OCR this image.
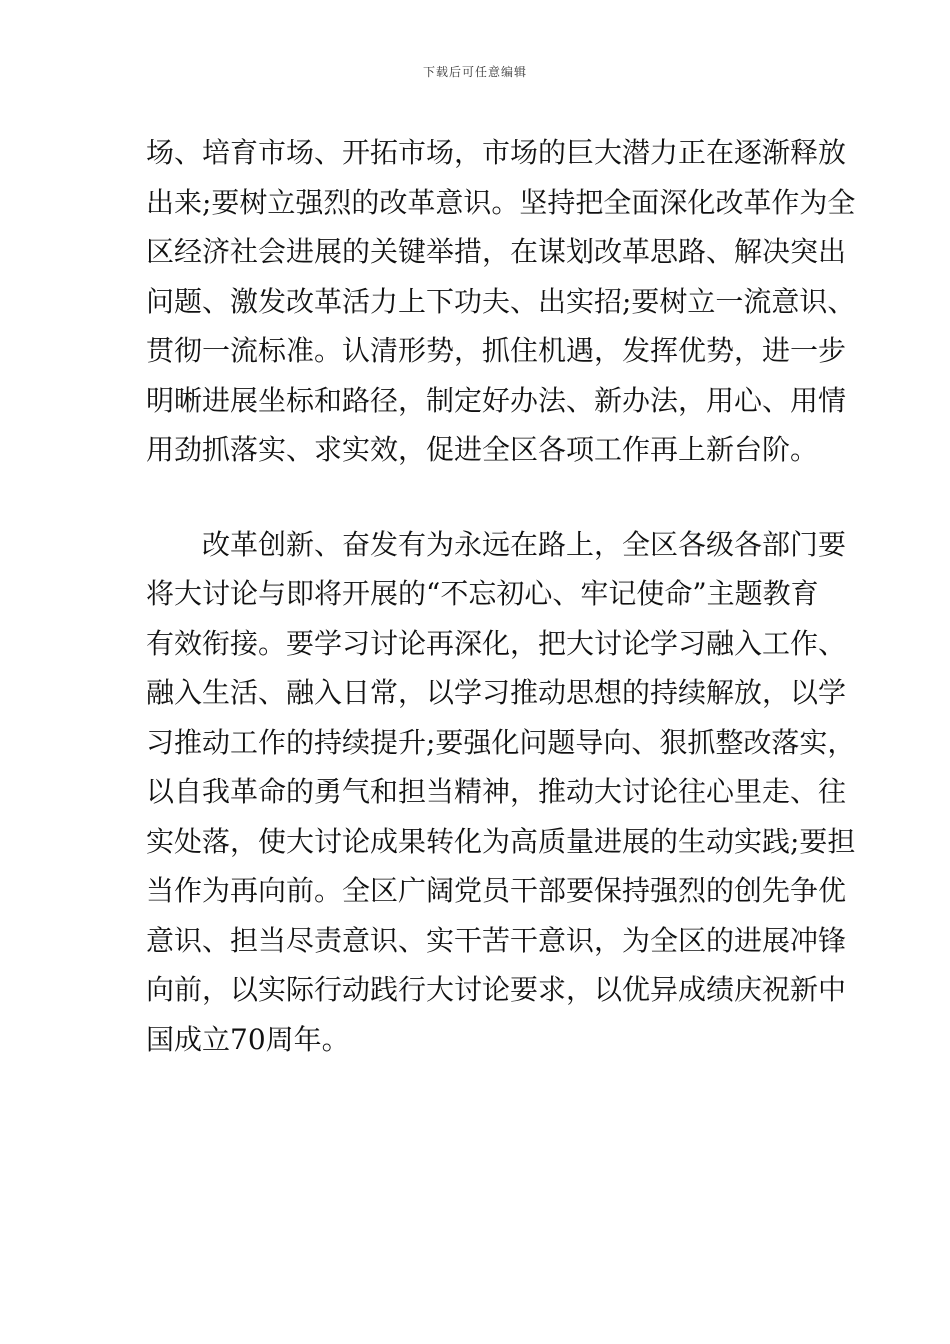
下载后可任意编辑
场、培育市场、开拓市场，市场的巨大潜力正在逐渐释放
出来;要树立强烈的改革意识。坚持把全面深化改革作为全
区经济社会进展的关键举措，在谋划改革思路、解决突出
问题、激发改革活力上下功夫、出实招;要树立一流意识、
贯彻一流标准。认清形势，抓住机遇，发挥优势，进一步
明晰进展坐标和路径，制定好办法、新办法，用心、用情
用劲抓落实、求实效，促进全区各项工作再上新台阶。
　　改革创新、奋发有为永远在路上，全区各级各部门要
将大讨论与即将开展的“不忘初心、牢记使命”主题教育
有效衔接。要学习讨论再深化，把大讨论学习融入工作、
融入生活、融入日常，以学习推动思想的持续解放，以学
习推动工作的持续提升;要强化问题导向、狠抓整改落实，
以自我革命的勇气和担当精神，推动大讨论往心里走、往
实处落，使大讨论成果转化为高质量进展的生动实践;要担
当作为再向前。全区广阔党员干部要保持强烈的创先争优
意识、担当尽责意识、实干苦干意识，为全区的进展冲锋
向前，以实际行动践行大讨论要求，以优异成绩庆祝新中
国成立70周年。
